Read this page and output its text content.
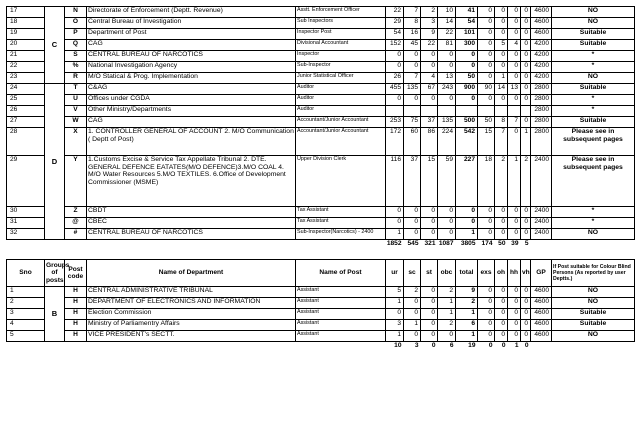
17	C	N	Directorate of Enforcement (Deptt. Revenue)	Asstt. Enforcement Officer	22	7	2	10	41	0	0	0	0	4600	NO
18		O	Central Bureau of Investigation	Sub Inspectors	29	8	3	14	54	0	0	0	0	4600	NO
19		P	Department of Post	Inspector Post	54	16	9	22	101	0	0	0	0	4600	Suitable
20		Q	CAG	Divisional Accountant	152	45	22	81	300	0	5	4	0	4200	Suitable
21		S	CENTRAL BUREAU OF NARCOTICS	Inspector	0	0	0	0	0	0	0	0	0	4200	*
22		%	National Investigation Agency	Sub-Inspector	0	0	0	0	0	0	0	0	0	4200	*
23		R	M/O Statical & Prog. Implementation	Junior Statistical Officer	26	7	4	13	50	0	1	0	0	4200	NO
24	D	T	C&AG	Auditor	455	135	67	243	900	90	14	13	0	2800	Suitable
25		U	Offices under CGDA	Auditor	0	0	0	0	0	0	0	0	0	2800	*
26		V	Other Ministry/Departments	Auditor										2800	*
27		W	CAG	Accountant/Junior Accountant	253	75	37	135	500	50	8	7	0	2800	Suitable
28		X	1. CONTROLLER GENERAL OF ACCOUNT 2. M/O Communication ( Deptt of Post)	Accountant/Junior Accountant	172	60	86	224	542	15	7	0	1	2800	Please see in subsequent pages
29		Y	1.Customs Excise & Service Tax Appellate Tribunal 2. DTE. GENERAL DEFENCE EATATES(M/O DEFENCE)3.M/O COAL 4. M/O Water Resources 5.M/O TEXTILES. 6.Office of Development Commissioner (MSME)	Upper Division Clerk	116	37	15	59	227	18	2	1	2	2400	Please see in subsequent pages
30		Z	CBDT	Tax Assistant	0	0	0	0	0	0	0	0	0	2400	*
31		@	CBEC	Tax Assistant	0	0	0	0	0	0	0	0	0	2400	*
32		#	CENTRAL BUREAU OF NARCOTICS	Sub-Inspector(Narcotics) - 2400	1	0	0	0	1	0	0	0	0	2400	NO
					1852	545	321	1087	3805	174	50	39	5		

Sno	Groups of posts	Post code	Name of Department	Name of Post	ur	sc	st	obc	total	exs	oh	hh	vh	GP	If Post suitable for Colour Blind Persons (As reported by user Deptts.)
1	B	H	CENTRAL ADMINISTRATIVE TRIBUNAL	Assistant	5	2	0	2	9	0	0	0	0	4600	NO
2		H	DEPARTMENT OF ELECTRONICS AND INFORMATION	Assistant	1	0	0	1	2	0	0	0	0	4600	NO
3		H	Election Commission	Assistant	0	0	0	1	1	0	0	0	0	4600	Suitable
4		H	Ministry of Parliamentry Affairs	Assistant	3	1	0	2	6	0	0	0	0	4600	Suitable
5		H	VICE PRESIDENT's SECTT.	Assistant	1	0	0	0	1	0	0	0	0	4600	NO
					10	3	0	6	19	0	0	1	0		
